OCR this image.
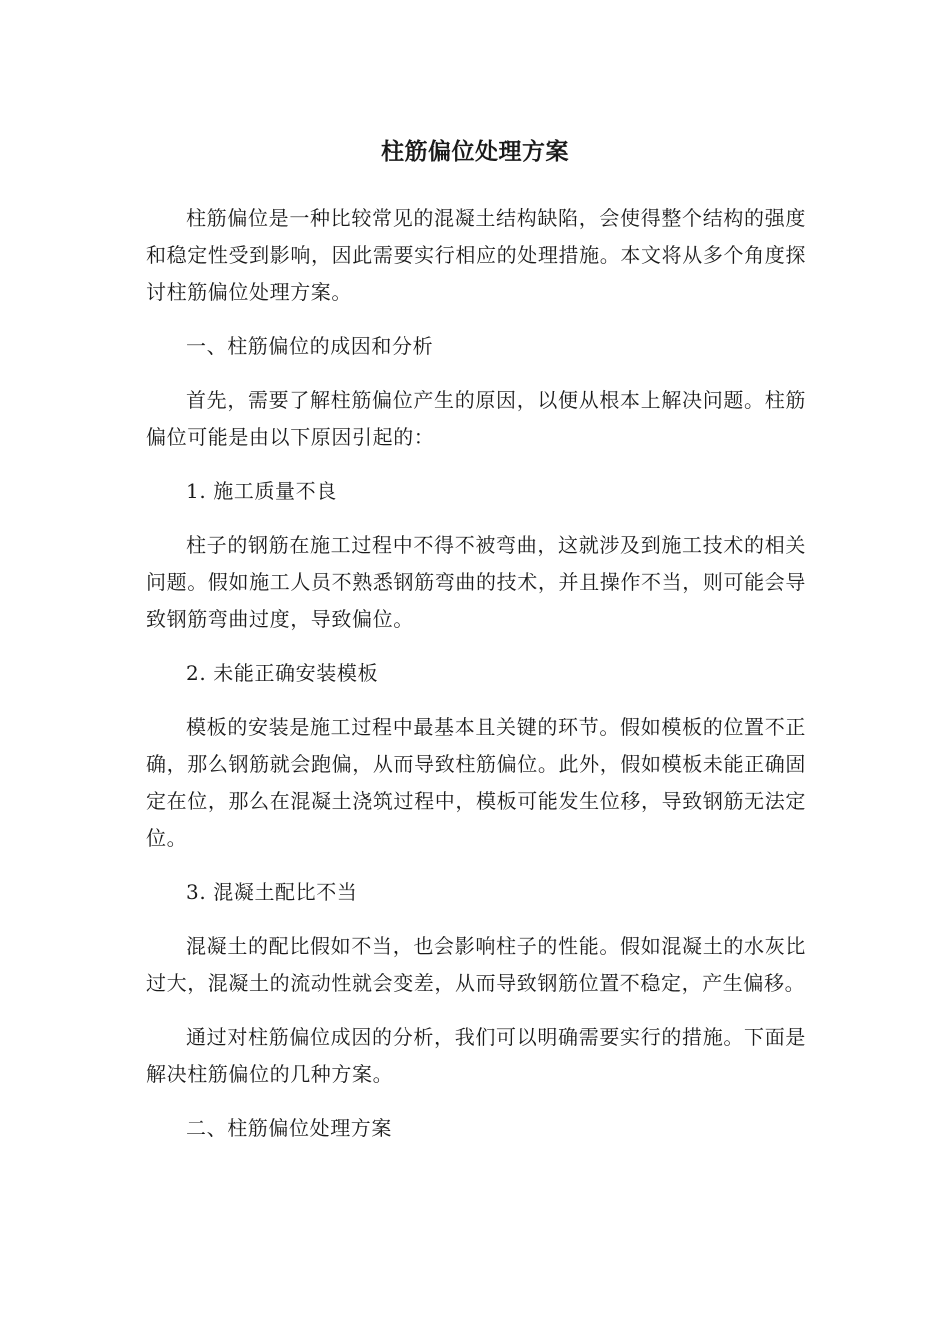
柱筋偏位处理方案

柱筋偏位是一种比较常见的混凝土结构缺陷，会使得整个结构的强度和稳定性受到影响，因此需要实行相应的处理措施。本文将从多个角度探讨柱筋偏位处理方案。

一、柱筋偏位的成因和分析

首先，需要了解柱筋偏位产生的原因，以便从根本上解决问题。柱筋偏位可能是由以下原因引起的：

1. 施工质量不良

柱子的钢筋在施工过程中不得不被弯曲，这就涉及到施工技术的相关问题。假如施工人员不熟悉钢筋弯曲的技术，并且操作不当，则可能会导致钢筋弯曲过度，导致偏位。

2. 未能正确安装模板

模板的安装是施工过程中最基本且关键的环节。假如模板的位置不正确，那么钢筋就会跑偏，从而导致柱筋偏位。此外，假如模板未能正确固定在位，那么在混凝土浇筑过程中，模板可能发生位移，导致钢筋无法定位。

3. 混凝土配比不当

混凝土的配比假如不当，也会影响柱子的性能。假如混凝土的水灰比过大，混凝土的流动性就会变差，从而导致钢筋位置不稳定，产生偏移。

通过对柱筋偏位成因的分析，我们可以明确需要实行的措施。下面是解决柱筋偏位的几种方案。

二、柱筋偏位处理方案
